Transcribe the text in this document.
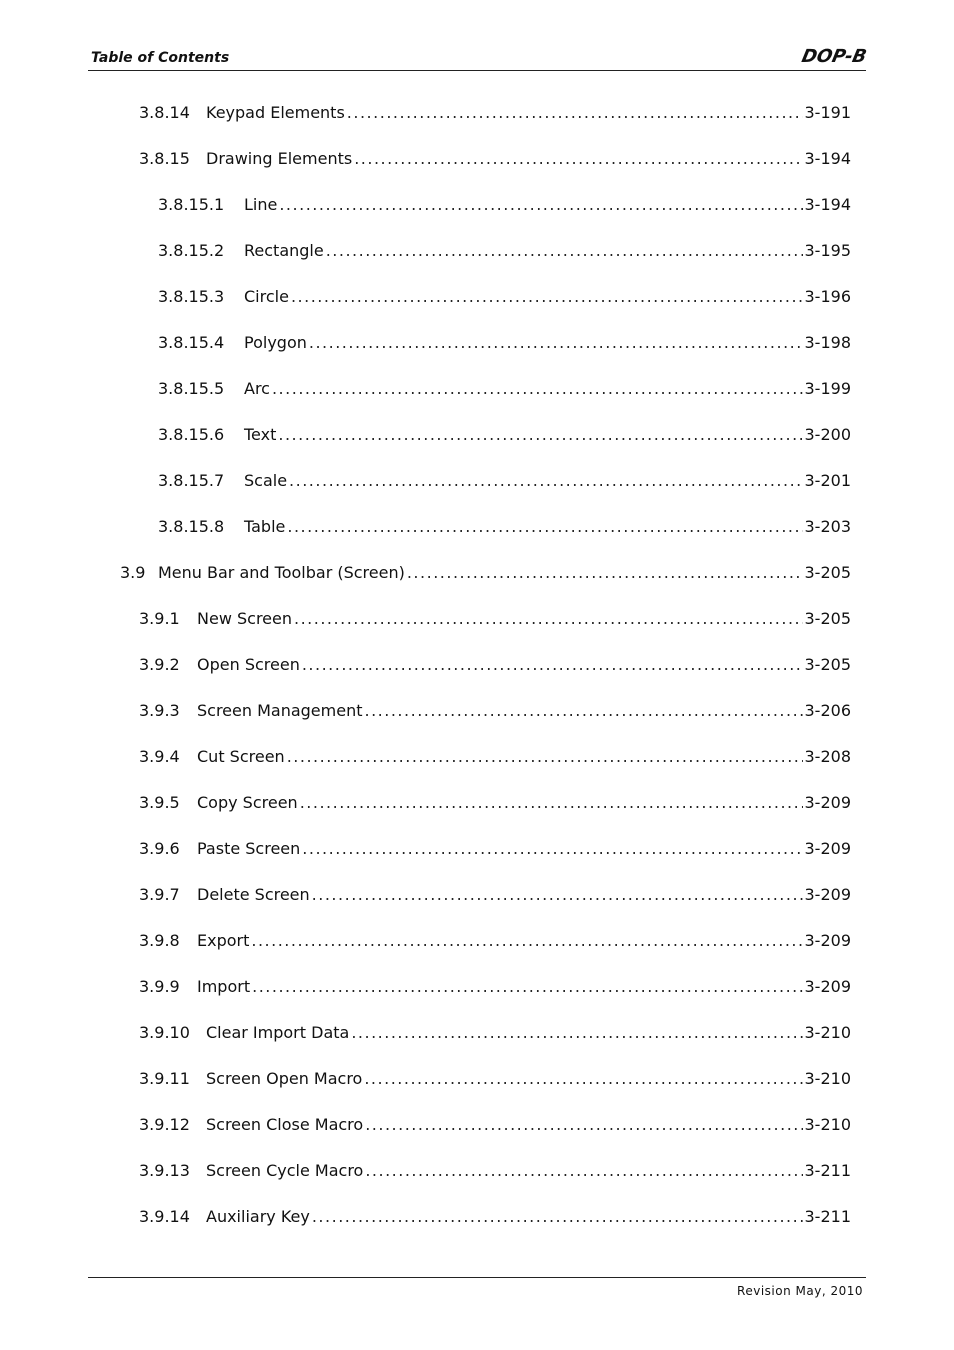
Table of Contents	DOP-B
3.8.14	Keypad Elements .....	3-191
3.8.15	Drawing Elements .....	3-194
3.8.15.1	Line .....	3-194
3.8.15.2	Rectangle .....	3-195
3.8.15.3	Circle .....	3-196
3.8.15.4	Polygon .....	3-198
3.8.15.5	Arc .....	3-199
3.8.15.6	Text .....	3-200
3.8.15.7	Scale .....	3-201
3.8.15.8	Table .....	3-203
3.9 Menu Bar and Toolbar (Screen) .....	3-205
3.9.1	New Screen .....	3-205
3.9.2	Open Screen .....	3-205
3.9.3	Screen Management .....	3-206
3.9.4	Cut Screen .....	3-208
3.9.5	Copy Screen .....	3-209
3.9.6	Paste Screen .....	3-209
3.9.7	Delete Screen .....	3-209
3.9.8	Export .....	3-209
3.9.9	Import .....	3-209
3.9.10	Clear Import Data .....	3-210
3.9.11	Screen Open Macro .....	3-210
3.9.12	Screen Close Macro .....	3-210
3.9.13	Screen Cycle Macro .....	3-211
3.9.14	Auxiliary Key .....	3-211
Revision May, 2010
